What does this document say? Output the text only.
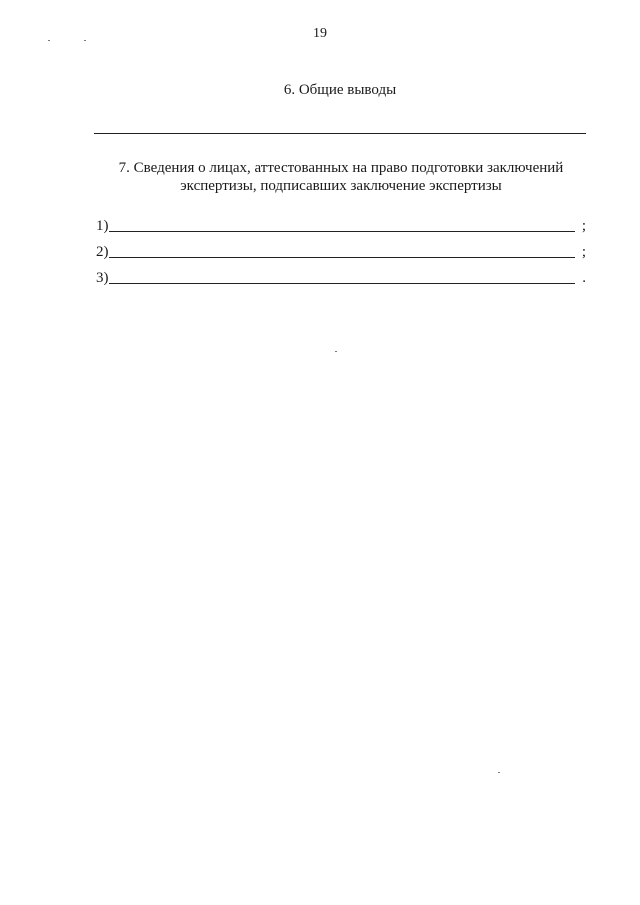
19
6. Общие выводы
7. Сведения о лицах, аттестованных на право подготовки заключений
экспертизы, подписавших заключение экспертизы
1)	;
2)	;
3)	.
